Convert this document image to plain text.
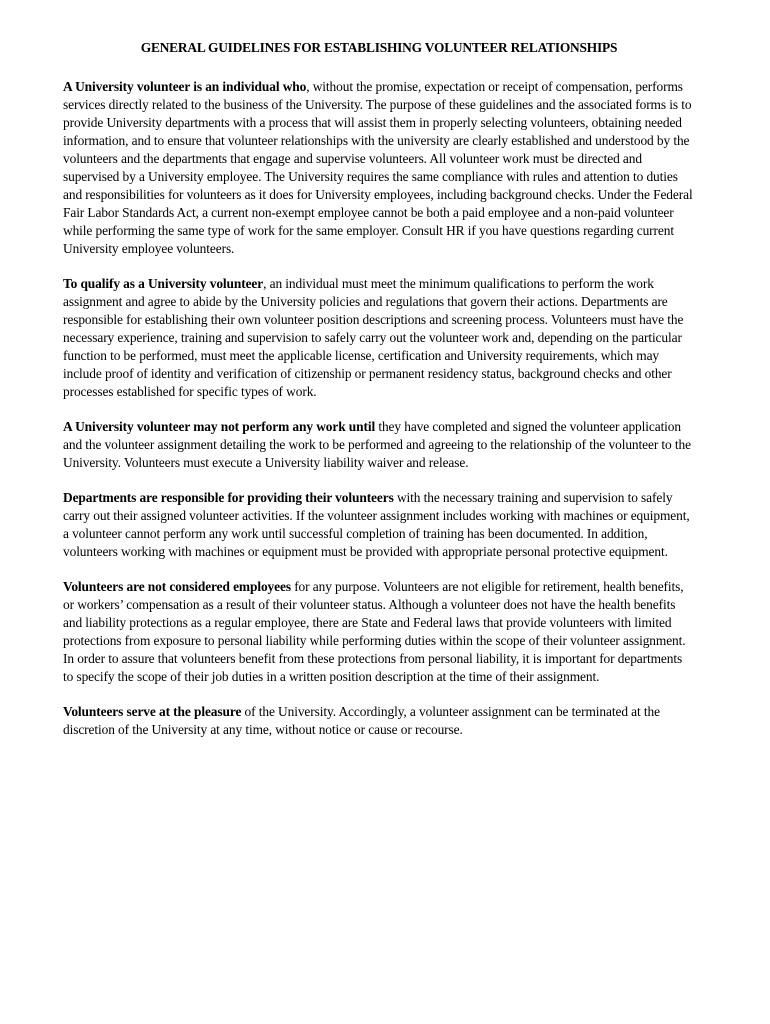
GENERAL GUIDELINES FOR ESTABLISHING VOLUNTEER RELATIONSHIPS

A University volunteer is an individual who, without the promise, expectation or receipt of compensation, performs services directly related to the business of the University. The purpose of these guidelines and the associated forms is to provide University departments with a process that will assist them in properly selecting volunteers, obtaining needed information, and to ensure that volunteer relationships with the university are clearly established and understood by the volunteers and the departments that engage and supervise volunteers. All volunteer work must be directed and supervised by a University employee. The University requires the same compliance with rules and attention to duties and responsibilities for volunteers as it does for University employees, including background checks. Under the Federal Fair Labor Standards Act, a current non-exempt employee cannot be both a paid employee and a non-paid volunteer while performing the same type of work for the same employer. Consult HR if you have questions regarding current University employee volunteers.

To qualify as a University volunteer, an individual must meet the minimum qualifications to perform the work assignment and agree to abide by the University policies and regulations that govern their actions. Departments are responsible for establishing their own volunteer position descriptions and screening process. Volunteers must have the necessary experience, training and supervision to safely carry out the volunteer work and, depending on the particular function to be performed, must meet the applicable license, certification and University requirements, which may include proof of identity and verification of citizenship or permanent residency status, background checks and other processes established for specific types of work.

A University volunteer may not perform any work until they have completed and signed the volunteer application and the volunteer assignment detailing the work to be performed and agreeing to the relationship of the volunteer to the University. Volunteers must execute a University liability waiver and release.

Departments are responsible for providing their volunteers with the necessary training and supervision to safely carry out their assigned volunteer activities. If the volunteer assignment includes working with machines or equipment, a volunteer cannot perform any work until successful completion of training has been documented. In addition, volunteers working with machines or equipment must be provided with appropriate personal protective equipment.

Volunteers are not considered employees for any purpose. Volunteers are not eligible for retirement, health benefits, or workers’ compensation as a result of their volunteer status. Although a volunteer does not have the health benefits and liability protections as a regular employee, there are State and Federal laws that provide volunteers with limited protections from exposure to personal liability while performing duties within the scope of their volunteer assignment. In order to assure that volunteers benefit from these protections from personal liability, it is important for departments to specify the scope of their job duties in a written position description at the time of their assignment.

Volunteers serve at the pleasure of the University. Accordingly, a volunteer assignment can be terminated at the discretion of the University at any time, without notice or cause or recourse.
